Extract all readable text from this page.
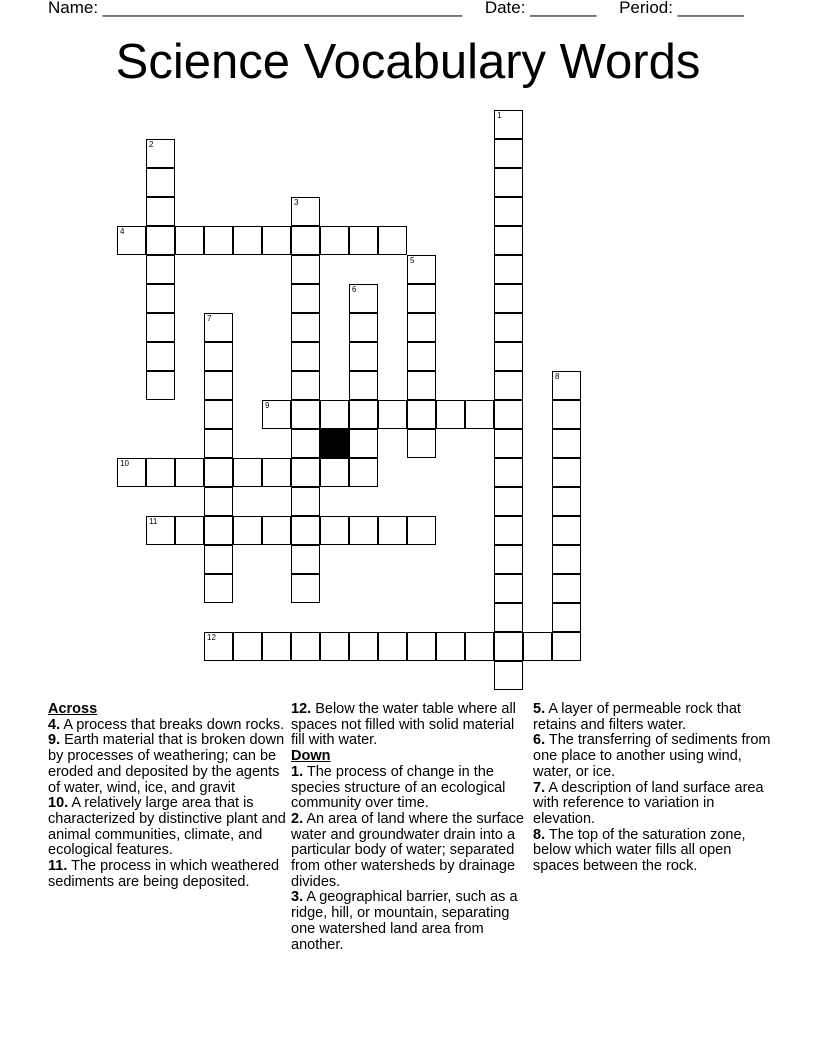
Name: ______________________________________ Date: _______ Period: _______
Science Vocabulary Words
1
2
3
4
5
6
7
8
9
10
11
12
Across
4. A process that breaks down rocks.
9. Earth material that is broken down by processes of weathering; can be eroded and deposited by the agents of water, wind, ice, and gravit
10. A relatively large area that is characterized by distinctive plant and animal communities, climate, and ecological features.
11. The process in which weathered sediments are being deposited.
12. Below the water table where all spaces not filled with solid material fill with water.
Down
1. The process of change in the species structure of an ecological community over time.
2. An area of land where the surface water and groundwater drain into a particular body of water; separated from other watersheds by drainage divides.
3. A geographical barrier, such as a ridge, hill, or mountain, separating one watershed land area from another.
5. A layer of permeable rock that retains and filters water.
6. The transferring of sediments from one place to another using wind, water, or ice.
7. A description of land surface area with reference to variation in elevation.
8. The top of the saturation zone, below which water fills all open spaces between the rock.
